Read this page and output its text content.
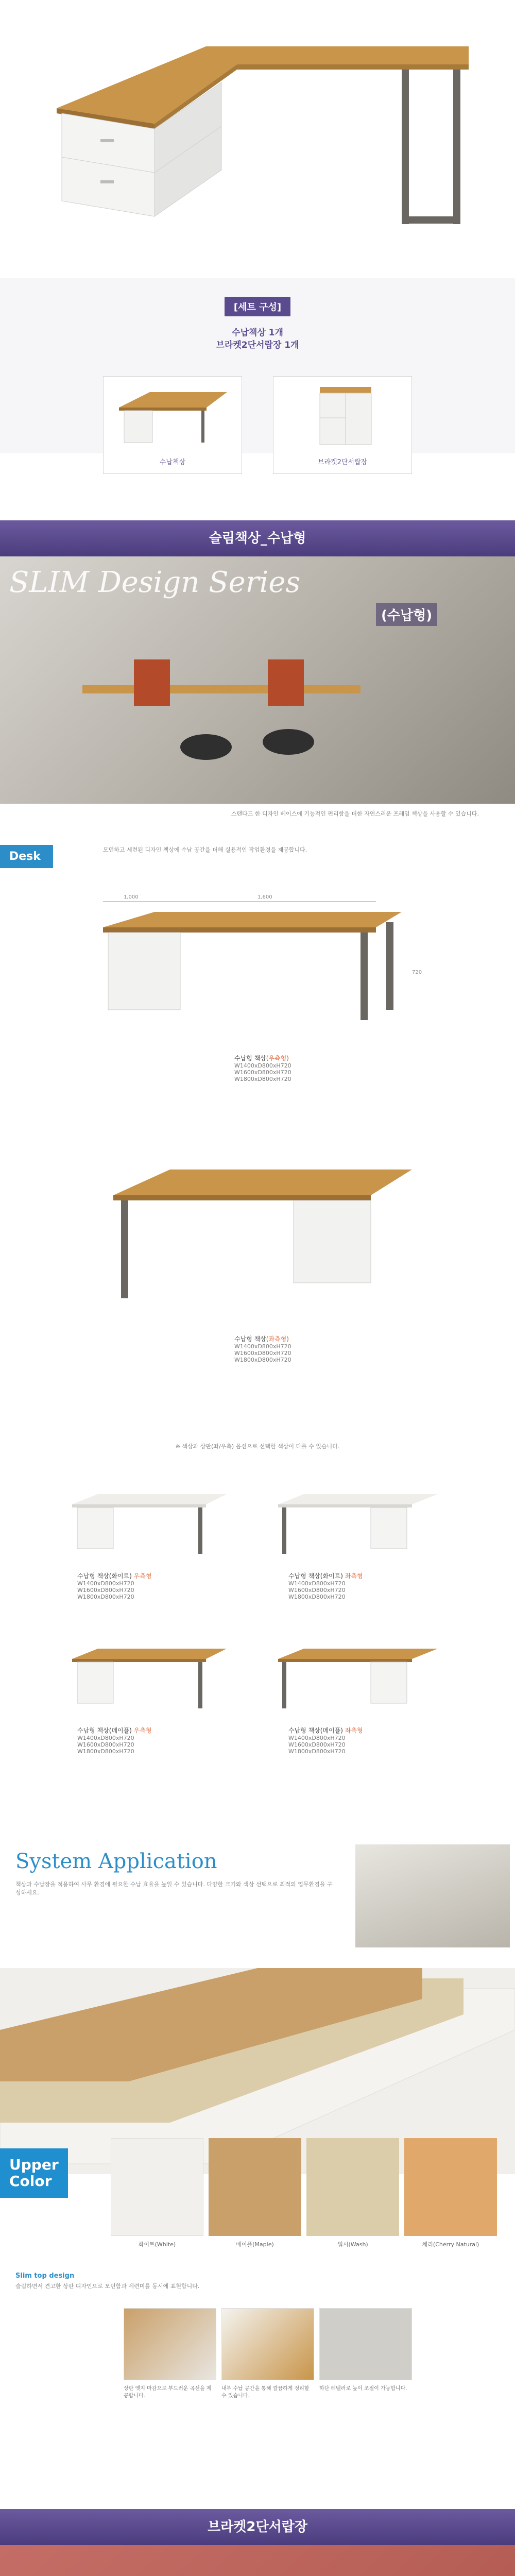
[세트 구성]
수납책상 1개
브라켓2단서랍장 1개
수납책상	브라켓2단서랍장
슬림책상_수납형
SLIM Design Series
(수납형)
스탠다드 한 디자인 베이스에 기능적인 편리함을 더한 자연스러운 프레임 책상을 사용할 수 있습니다.
Desk
모던하고 세련된 디자인 책상에 수납 공간을 더해 실용적인 작업환경을 제공합니다.
1,000	1,600
720
수납형 책상(우측형)
W1400xD800xH720
W1600xD800xH720
W1800xD800xH720
수납형 책상(좌측형)
W1400xD800xH720
W1600xD800xH720
W1800xD800xH720
※ 색상과 상판(좌/우측) 옵션으로 선택한 색상이 다를 수 있습니다.
수납형 책상(화이트) 우측형
W1400xD800xH720
W1600xD800xH720
W1800xD800xH720
수납형 책상(화이트) 좌측형
W1400xD800xH720
W1600xD800xH720
W1800xD800xH720
수납형 책상(메이플) 우측형
W1400xD800xH720
W1600xD800xH720
W1800xD800xH720
수납형 책상(메이플) 좌측형
W1400xD800xH720
W1600xD800xH720
W1800xD800xH720
System Application
책상과 수납장을 적용하여 사무 환경에 필요한 수납 효율을 높일 수 있습니다. 다양한 크기와 색상 선택으로 최적의 업무환경을 구성하세요.
Upper
Color
화이트(White)	메이플(Maple)	워시(Wash)	체리(Cherry Natural)
Slim top design
슬림하면서 견고한 상판 디자인으로 모던함과 세련미를 동시에 표현합니다.
상판 엣지 마감으로 부드러운 곡선을 제공합니다.
내부 수납 공간을 통해 깔끔하게 정리할 수 있습니다.
하단 레벨러로 높이 조절이 가능합니다.
브라켓2단서랍장
